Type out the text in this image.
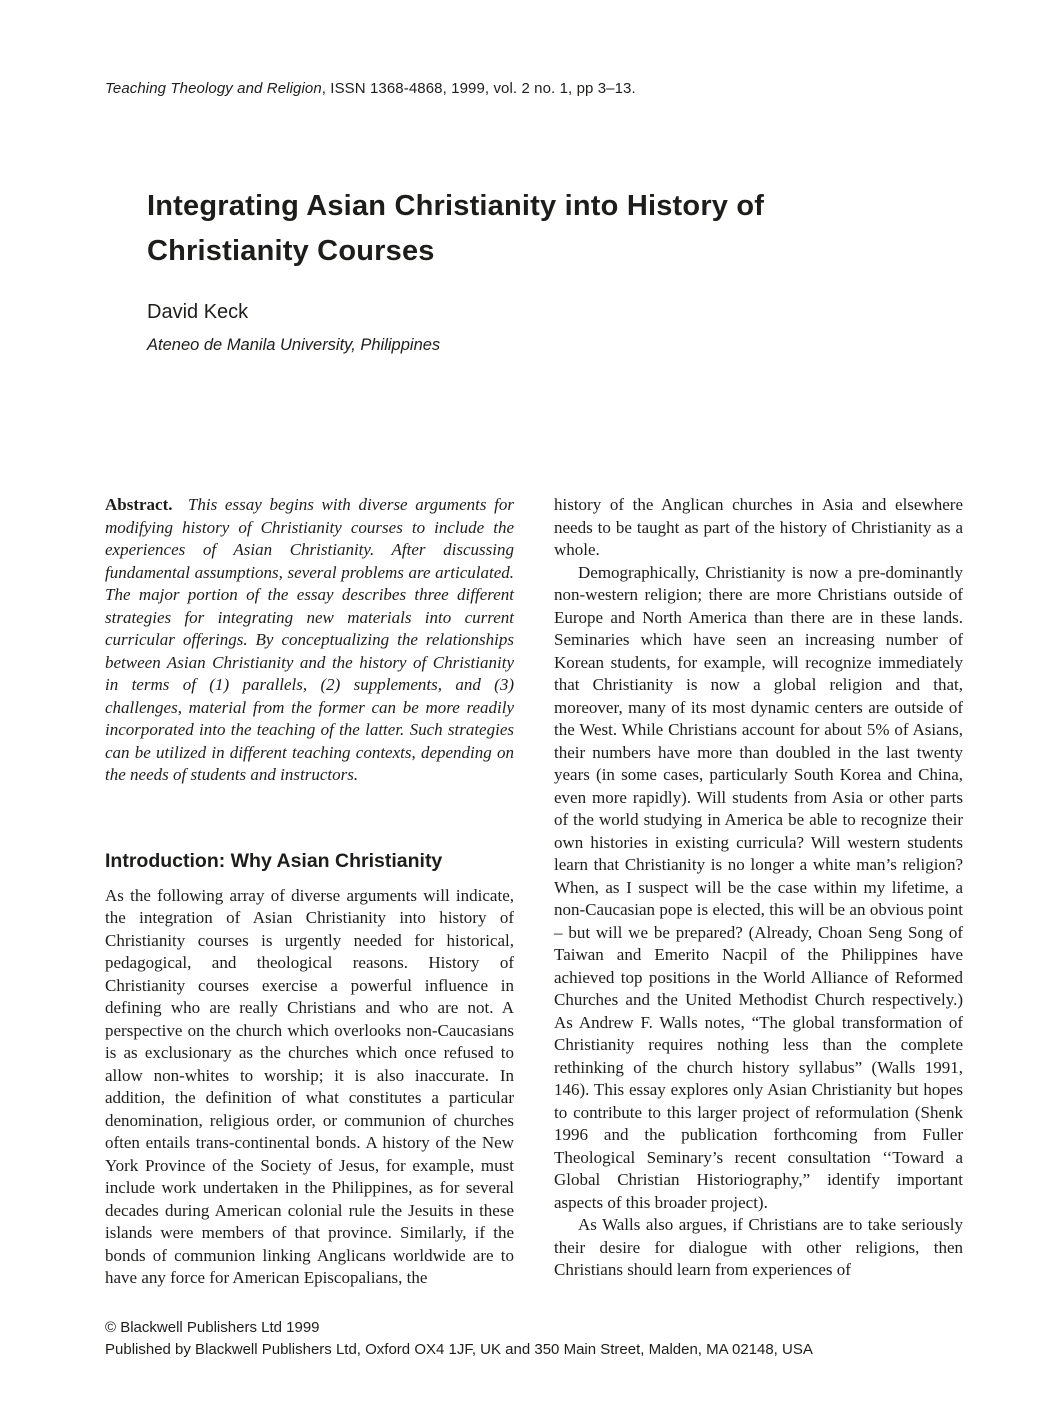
Teaching Theology and Religion, ISSN 1368-4868, 1999, vol. 2 no. 1, pp 3–13.
Integrating Asian Christianity into History of Christianity Courses
David Keck
Ateneo de Manila University, Philippines

Abstract. This essay begins with diverse arguments for modifying history of Christianity courses to include the experiences of Asian Christianity. After discussing fundamental assumptions, several problems are articulated. The major portion of the essay describes three different strategies for integrating new materials into current curricular offerings. By conceptualizing the relationships between Asian Christianity and the history of Christianity in terms of (1) parallels, (2) supplements, and (3) challenges, material from the former can be more readily incorporated into the teaching of the latter. Such strategies can be utilized in different teaching contexts, depending on the needs of students and instructors.

Introduction: Why Asian Christianity

As the following array of diverse arguments will indicate, the integration of Asian Christianity into history of Christianity courses is urgently needed for historical, pedagogical, and theological reasons. History of Christianity courses exercise a powerful influence in defining who are really Christians and who are not. A perspective on the church which overlooks non-Caucasians is as exclusionary as the churches which once refused to allow non-whites to worship; it is also inaccurate. In addition, the definition of what constitutes a particular denomination, religious order, or communion of churches often entails trans-continental bonds. A history of the New York Province of the Society of Jesus, for example, must include work undertaken in the Philippines, as for several decades during American colonial rule the Jesuits in these islands were members of that province. Similarly, if the bonds of communion linking Anglicans worldwide are to have any force for American Episcopalians, the

history of the Anglican churches in Asia and elsewhere needs to be taught as part of the history of Christianity as a whole.

Demographically, Christianity is now a pre-dominantly non-western religion; there are more Christians outside of Europe and North America than there are in these lands. Seminaries which have seen an increasing number of Korean students, for example, will recognize immediately that Christianity is now a global religion and that, moreover, many of its most dynamic centers are outside of the West. While Christians account for about 5% of Asians, their numbers have more than doubled in the last twenty years (in some cases, particularly South Korea and China, even more rapidly). Will students from Asia or other parts of the world studying in America be able to recognize their own histories in existing curricula? Will western students learn that Christianity is no longer a white man’s religion? When, as I suspect will be the case within my lifetime, a non-Caucasian pope is elected, this will be an obvious point – but will we be prepared? (Already, Choan Seng Song of Taiwan and Emerito Nacpil of the Philippines have achieved top positions in the World Alliance of Reformed Churches and the United Methodist Church respectively.) As Andrew F. Walls notes, “The global transformation of Christianity requires nothing less than the complete rethinking of the church history syllabus” (Walls 1991, 146). This essay explores only Asian Christianity but hopes to contribute to this larger project of reformulation (Shenk 1996 and the publication forthcoming from Fuller Theological Seminary’s recent consultation ‘‘Toward a Global Christian Historiography,” identify important aspects of this broader project).

As Walls also argues, if Christians are to take seriously their desire for dialogue with other religions, then Christians should learn from experiences of

© Blackwell Publishers Ltd 1999
Published by Blackwell Publishers Ltd, Oxford OX4 1JF, UK and 350 Main Street, Malden, MA 02148, USA
